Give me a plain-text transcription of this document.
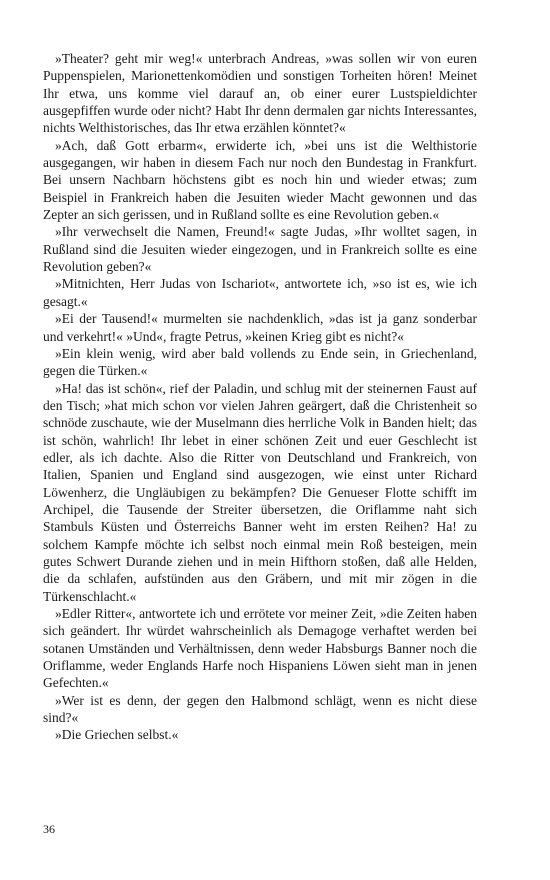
»Theater? geht mir weg!« unterbrach Andreas, »was sollen wir von euren Puppenspielen, Marionettenkomödien und sonstigen Torheiten hören! Meinet Ihr etwa, uns komme viel darauf an, ob einer eurer Lustspieldichter ausgepfiffen wurde oder nicht? Habt Ihr denn dermalen gar nichts Interessantes, nichts Welthistorisches, das Ihr etwa erzählen könntet?«

»Ach, daß Gott erbarm«, erwiderte ich, »bei uns ist die Welthistorie ausgegangen, wir haben in diesem Fach nur noch den Bundestag in Frankfurt. Bei unsern Nachbarn höchstens gibt es noch hin und wieder etwas; zum Beispiel in Frankreich haben die Jesuiten wieder Macht gewonnen und das Zepter an sich gerissen, und in Rußland sollte es eine Revolution geben.«

»Ihr verwechselt die Namen, Freund!« sagte Judas, »Ihr wolltet sagen, in Rußland sind die Jesuiten wieder eingezogen, und in Frankreich sollte es eine Revolution geben?«

»Mitnichten, Herr Judas von Ischariot«, antwortete ich, »so ist es, wie ich gesagt.«

»Ei der Tausend!« murmelten sie nachdenklich, »das ist ja ganz sonderbar und verkehrt!« »Und«, fragte Petrus, »keinen Krieg gibt es nicht?«

»Ein klein wenig, wird aber bald vollends zu Ende sein, in Griechenland, gegen die Türken.«

»Ha! das ist schön«, rief der Paladin, und schlug mit der steinernen Faust auf den Tisch; »hat mich schon vor vielen Jahren geärgert, daß die Christenheit so schnöde zuschaute, wie der Muselmann dies herrliche Volk in Banden hielt; das ist schön, wahrlich! Ihr lebet in einer schönen Zeit und euer Geschlecht ist edler, als ich dachte. Also die Ritter von Deutschland und Frankreich, von Italien, Spanien und England sind ausgezogen, wie einst unter Richard Löwenherz, die Ungläubigen zu bekämpfen? Die Genueser Flotte schifft im Archipel, die Tausende der Streiter übersetzen, die Oriflamme naht sich Stambuls Küsten und Österreichs Banner weht im ersten Reihen? Ha! zu solchem Kampfe möchte ich selbst noch einmal mein Roß besteigen, mein gutes Schwert Durande ziehen und in mein Hifthorn stoßen, daß alle Helden, die da schlafen, aufstünden aus den Gräbern, und mit mir zögen in die Türkenschlacht.«

»Edler Ritter«, antwortete ich und errötete vor meiner Zeit, »die Zeiten haben sich geändert. Ihr würdet wahrscheinlich als Demagoge verhaftet werden bei sotanen Umständen und Verhältnissen, denn weder Habsburgs Banner noch die Oriflamme, weder Englands Harfe noch Hispaniens Löwen sieht man in jenen Gefechten.«

»Wer ist es denn, der gegen den Halbmond schlägt, wenn es nicht diese sind?«

»Die Griechen selbst.«

36
